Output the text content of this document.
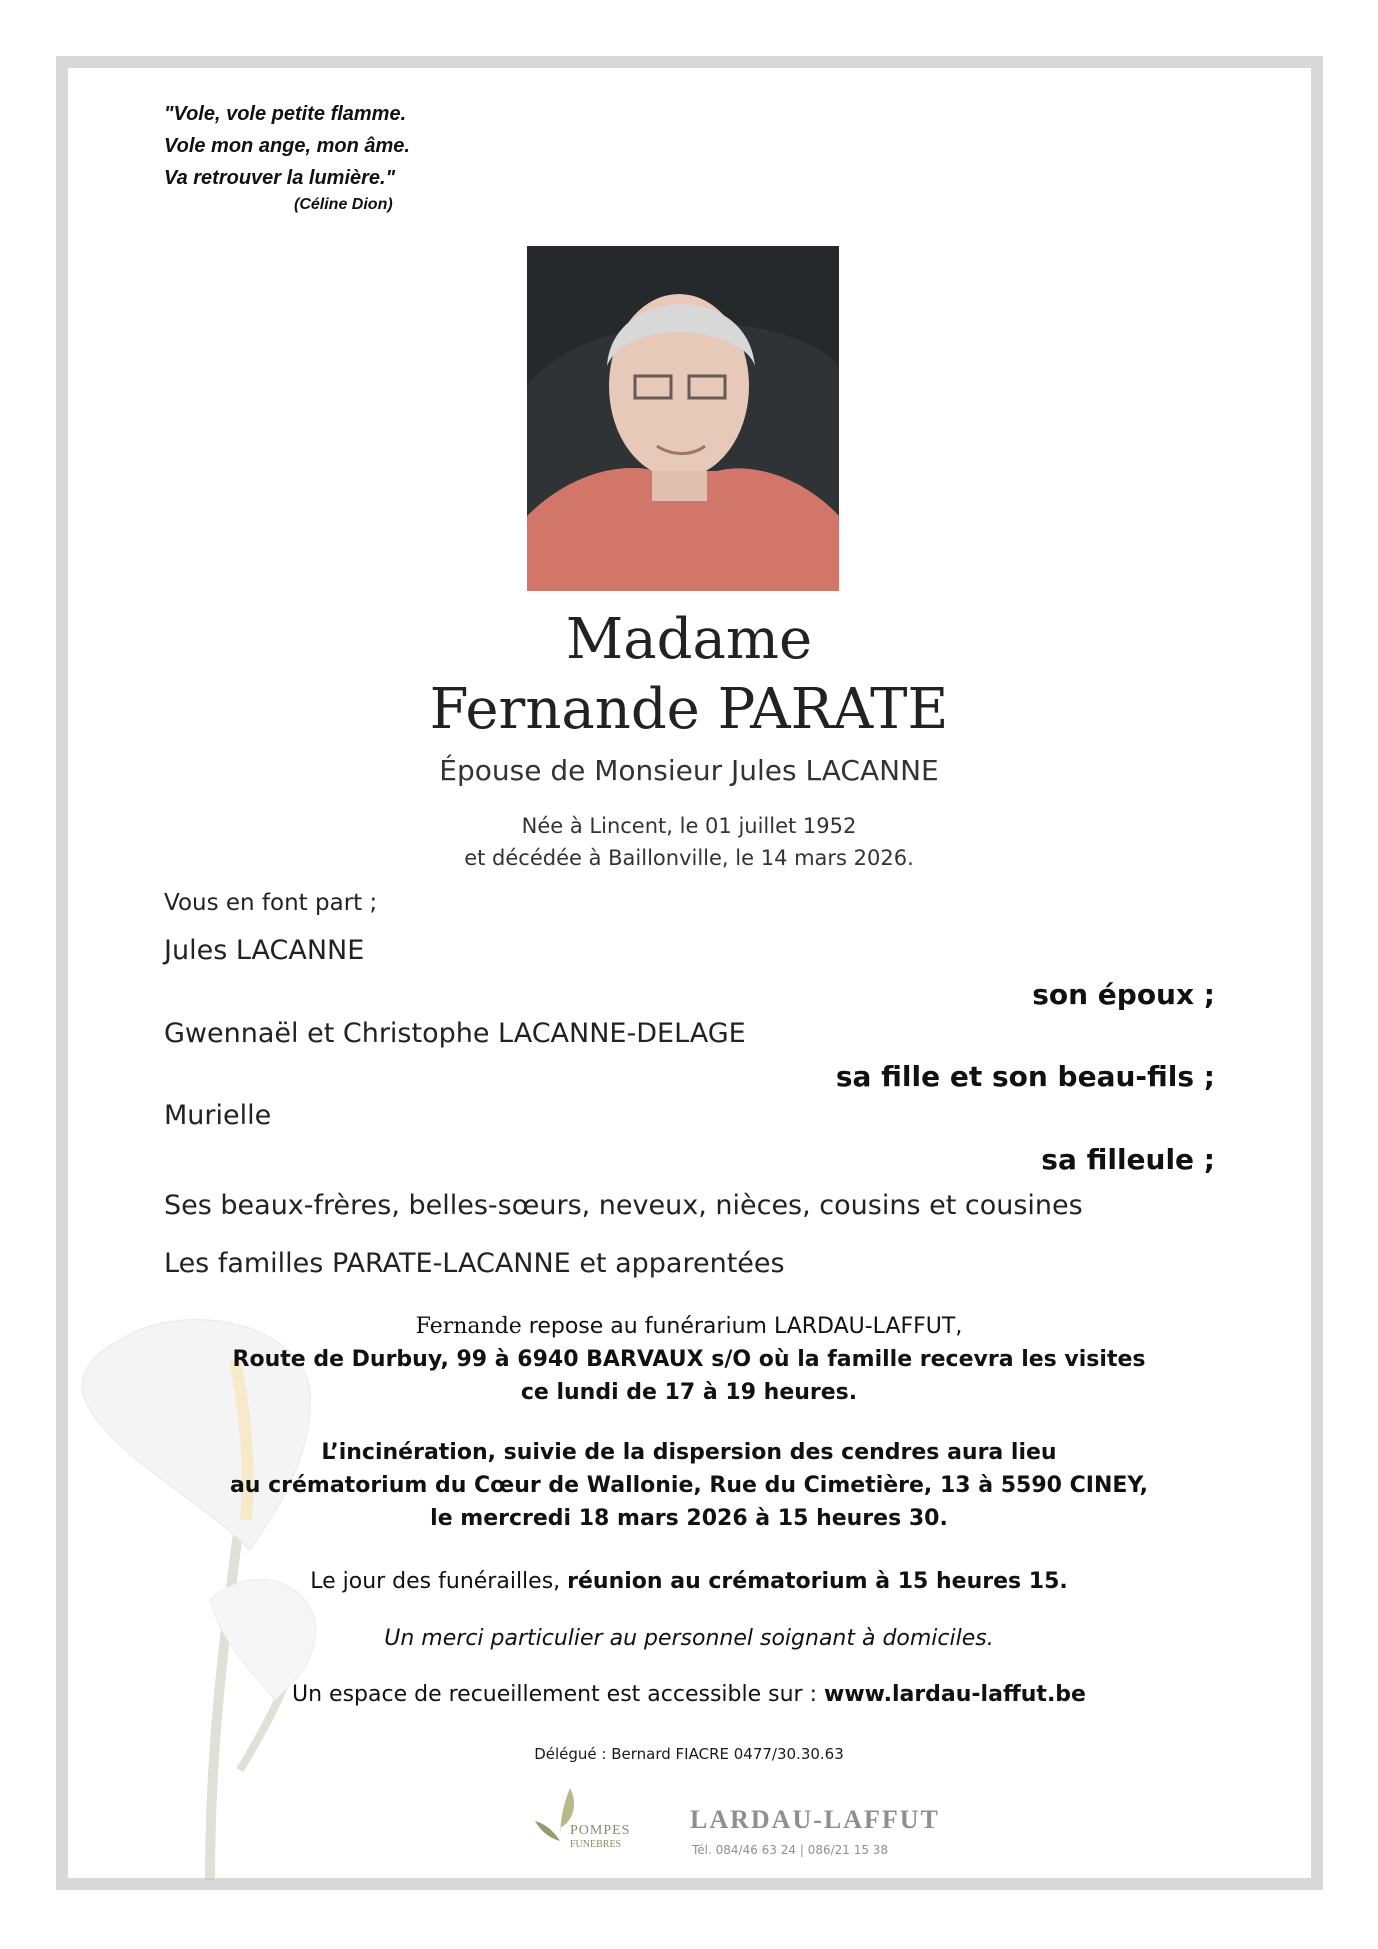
"Vole, vole petite flamme.
Vole mon ange, mon âme.
Va retrouver la lumière."
(Céline Dion)
Madame
Fernande PARATE
Épouse de Monsieur Jules LACANNE
Née à Lincent, le 01 juillet 1952
et décédée à Baillonville, le 14 mars 2026.
Vous en font part ;
Jules LACANNE
son époux ;
Gwennaël et Christophe LACANNE-DELAGE
sa fille et son beau-fils ;
Murielle
sa filleule ;
Ses beaux-frères, belles-sœurs, neveux, nièces, cousins et cousines
Les familles PARATE-LACANNE et apparentées
Fernande repose au funérarium LARDAU-LAFFUT,
Route de Durbuy, 99 à 6940 BARVAUX s/O où la famille recevra les visites
ce lundi de 17 à 19 heures.
L’incinération, suivie de la dispersion des cendres aura lieu
au crématorium du Cœur de Wallonie, Rue du Cimetière, 13 à 5590 CINEY,
le mercredi 18 mars 2026 à 15 heures 30.
Le jour des funérailles, réunion au crématorium à 15 heures 15.
Un merci particulier au personnel soignant à domiciles.
Un espace de recueillement est accessible sur : www.lardau-laffut.be
Délégué : Bernard FIACRE 0477/30.30.63
POMPES
FUNEBRES
LARDAU-LAFFUT
Tél. 084/46 63 24 | 086/21 15 38
